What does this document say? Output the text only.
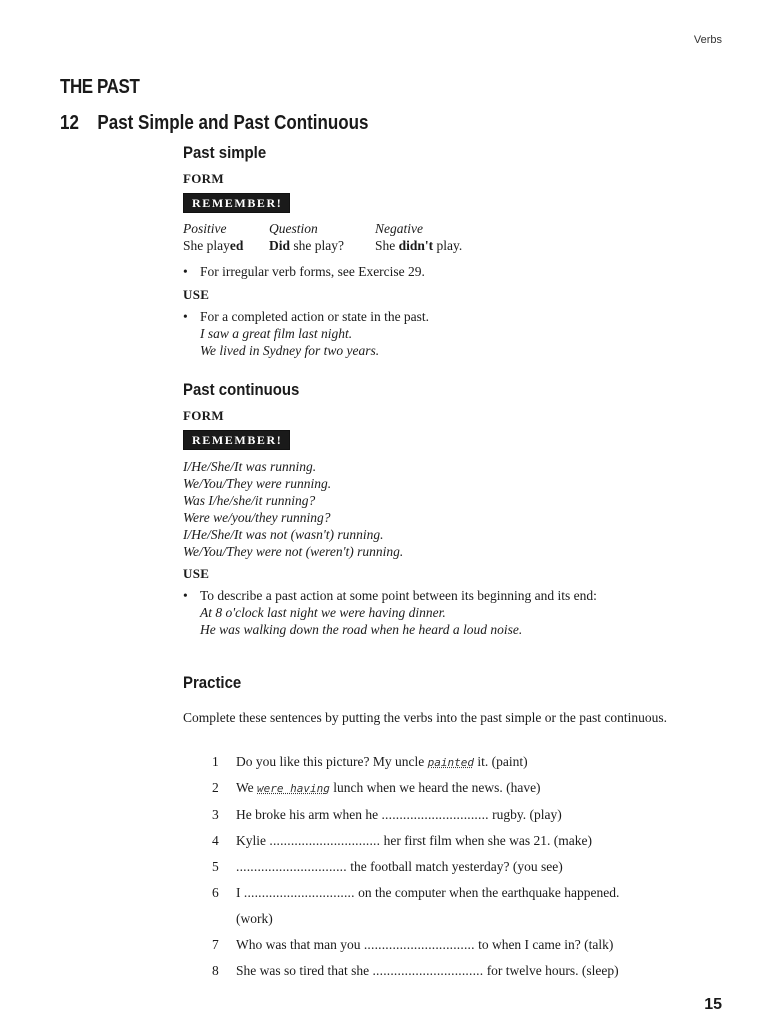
Verbs
THE PAST
12 Past Simple and Past Continuous
Past simple
FORM
REMEMBER!
Positive	Question	Negative
She played	Did she play?	She didn't play.
• For irregular verb forms, see Exercise 29.
USE
• For a completed action or state in the past.
I saw a great film last night.
We lived in Sydney for two years.
Past continuous
FORM
REMEMBER!
I/He/She/It was running.
We/You/They were running.
Was I/he/she/it running?
Were we/you/they running?
I/He/She/It was not (wasn't) running.
We/You/They were not (weren't) running.
USE
• To describe a past action at some point between its beginning and its end:
At 8 o'clock last night we were having dinner.
He was walking down the road when he heard a loud noise.
Practice
Complete these sentences by putting the verbs into the past simple or the past continuous.
1 Do you like this picture? My uncle painted it. (paint)
2 We were having lunch when we heard the news. (have)
3 He broke his arm when he .............................. rugby. (play)
4 Kylie ............................... her first film when she was 21. (make)
5 ............................... the football match yesterday? (you see)
6 I ............................... on the computer when the earthquake happened.
(work)
7 Who was that man you ............................... to when I came in? (talk)
8 She was so tired that she ............................... for twelve hours. (sleep)
15
